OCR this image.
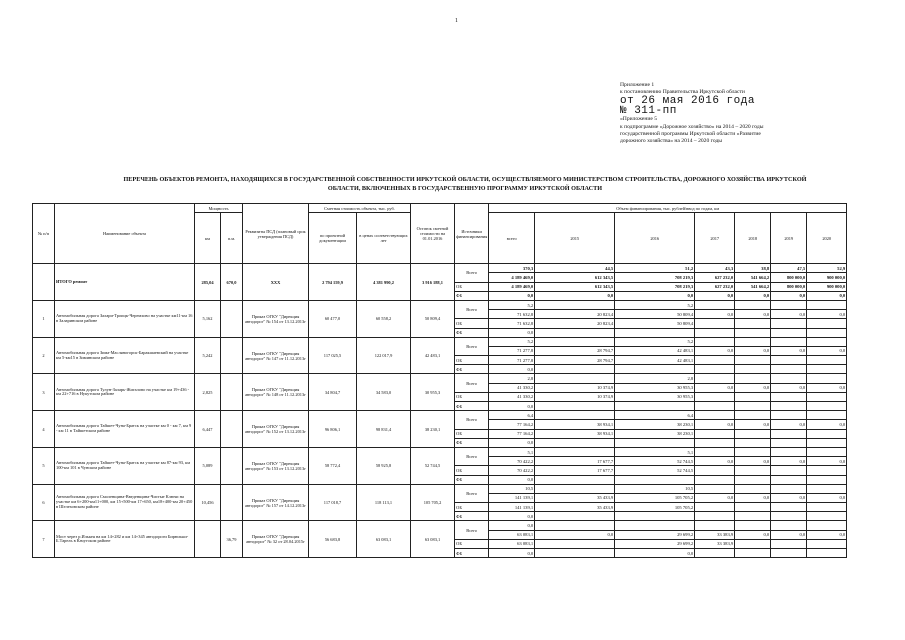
1
Приложение 1
к постановлению Правительства Иркутской области
от 26 мая 2016 года
№ 311-пп
«Приложение 5
к подпрограмме «Дорожное хозяйство» на 2014 – 2020 годы
государственной программы Иркутской области «Развитие
дорожного хозяйства» на 2014 – 2020 годы
ПЕРЕЧЕНЬ ОБЪЕКТОВ РЕМОНТА, НАХОДЯЩИХСЯ В ГОСУДАРСТВЕННОЙ СОБСТВЕННОСТИ ИРКУТСКОЙ ОБЛАСТИ, ОСУЩЕСТВЛЯЕМОГО МИНИСТЕРСТВОМ СТРОИТЕЛЬСТВА, ДОРОЖНОГО ХОЗЯЙСТВА ИРКУТСКОЙ ОБЛАСТИ, ВКЛЮЧЕННЫХ В ГОСУДАРСТВЕННУЮ ПРОГРАММУ ИРКУТСКОЙ ОБЛАСТИ
№ п/п	Наименование объекта	Мощность		Реквизиты ПСД (плановый срок утверждения ПСД)	Сметная стоимость объекта, тыс. руб.		Остаток сметной стоимости на 01.01.2016	Источники финансирования	Объем финансирования, тыс. рублей/ввод по годам, км						
		км	п.м.		по проектной документации	в ценах соответствующих лет			всего	2015	2016	2017	2018	2019	2020

	ИТОГО ремонт	285,04	670,0	XXX	2 794 159,9	4 381 990,2	3 916 188,1	Всего	370,3	44,5	51,2	43,3	38,8	47,5	52,9
									4 189 469,0	612 343,5	708 219,3	627 232,0	541 664,2	800 000,0	900 000,0
								ОБ	4 189 469,0	612 343,5	708 219,3	627 232,0	541 664,2	800 000,0	900 000,0
								ФБ	0,0	0,0	0,0	0,0	0,0	0,0	0,0
1	Автомобильная дорога Залари-Троицк-Черемхово на участке км11-км 16 в Заларинском районе	5,162		Приказ ОГКУ "Дирекция автодорог" № 154 от 13.12.2013г	60 477,0	60 558,2	50 809,4	Всего	5,2		5,2				
									71 632,8	20 823,4	50 809,4	0,0	0,0	0,0	0,0
								ОБ	71 632,8	20 823,4	50 809,4				
								ФБ	0,0						
2	Автомобильная дорога Зима-Масляногорск-Баракшаевский на участке км 5-км15 в Зиминском районе	5,242		Приказ ОГКУ "Дирекция автодорог" № 147 от 11.12.2013г	117 025,5	122 017,9	42 483,1	Всего	5,2		5,2				
									71 277,8	28 794,7	42 483,1	0,0	0,0	0,0	0,0
								ОБ	71 277,8	28 794,7	42 483,1				
								ФБ	0,0						
3	Автомобильная дорога Тулун-Заларь-Жигалово на участке км 19+436 - км 22+716 в Нукутском районе	2,825		Приказ ОГКУ "Дирекция автодорог" № 148 от 11.12.2013г	34 804,7	34 583,0	30 955,3	Всего	2,8		2,8				
									41 330,2	10 374,9	30 955,3	0,0	0,0	0,0	0,0
								ОБ	41 330,2	10 374,9	30 955,3				
								ФБ	0,0						
4	Автомобильная дорога Тайшет-Чуна-Братск на участке км 0 - км 7, км 9 - км 11 в Тайшетском районе	6,447		Приказ ОГКУ "Дирекция автодорог" № 152 от 13.12.2013г	96 806,1	98 831,4	38 230,1	Всего	6,4		6,4				
									77 164,2	38 934,1	38 230,1	0,0	0,0	0,0	0,0
								ОБ	77 164,2	38 934,1	38 230,1				
								ФБ	0,0						
5	Автомобильная дорога Тайшет-Чуна-Братск на участке км 87-км 93, км 100-км 101 в Чунском районе	5,089		Приказ ОГКУ "Дирекция автодорог" № 153 от 13.12.2013г	58 772,4	58 925,8	52 744,5	Всего	5,1		5,1				
									70 422,2	17 677,7	52 744,5	0,0	0,0	0,0	0,0
								ОБ	70 422,2	17 677,7	52 744,5				
								ФБ	0,0						
6	Автомобильная дорога Смоленщина-Введенщина-Чистые Ключи на участке км 6+200-км11+000, км 15+500-км 17+650, км18+400-км 20+450 в Шелеховском районе	10,456		Приказ ОГКУ "Дирекция автодорог" № 157 от 14.12.2013г	117 018,7	118 113,1	105 705,2	Всего	10,5		10,5				
									141 139,1	35 433,9	105 705,2	0,0	0,0	0,0	0,0
								ОБ	141 139,1	35 433,9	105 705,2				
								ФБ	0,0						
7	Мост через р.Илькея на км 14+282 и км 14+345 автодороги Бирюльки-Б.Тарель в Качугском районе		36,79	Приказ ОГКУ "Дирекция автодорог" № 32 от 28.04.2015г	56 683,8	63 083,1	63 083,1	Всего	0,0						
									63 083,1	0,0	29 699,2	33 383,9	0,0	0,0	0,0
								ОБ	63 083,1		29 699,2	33 383,9			
								ФБ	0,0		0,0				
